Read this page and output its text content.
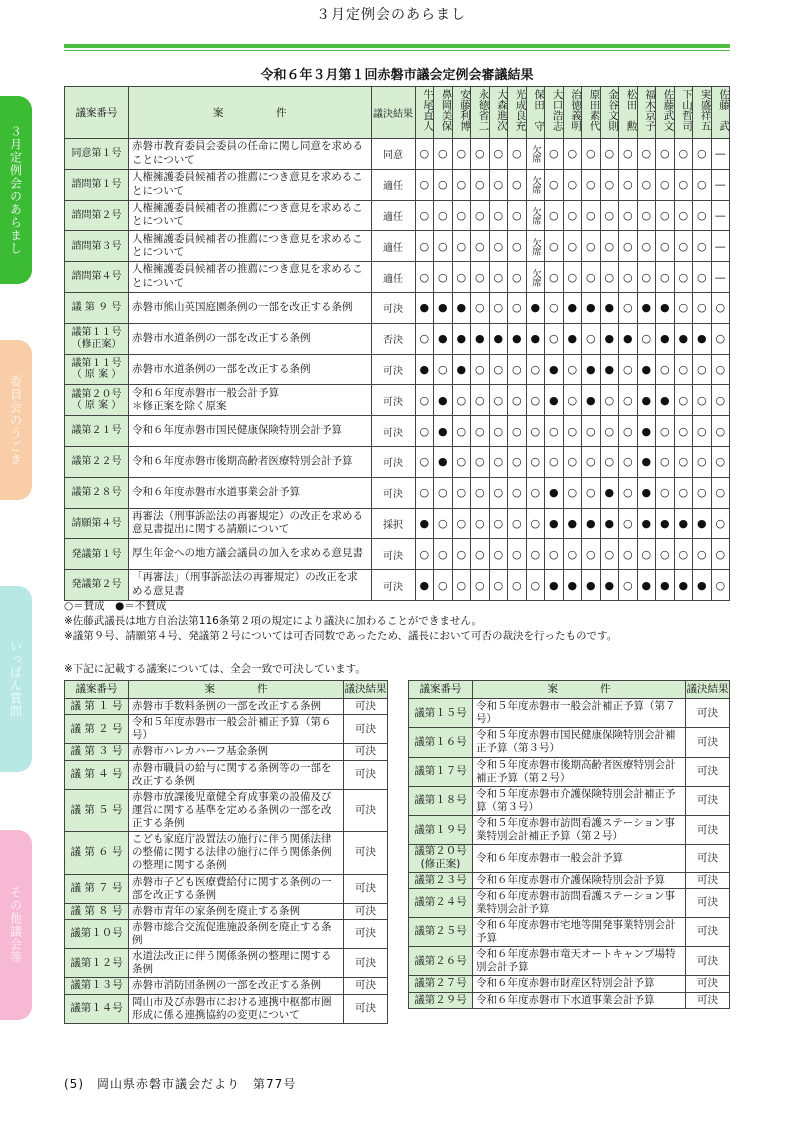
３月定例会のあらまし
３月定例会のあらまし
委員会のうごき
いっぱん質問
その他議会等
令和６年３月第１回赤磐市議会定例会審議結果
議案番号	案　　　　　件	議決結果	牛尾直人	鼻岡美保	安藤利博	永徳省二	大森進次	光成良充	保田　守	大口浩志	治徳義明	原田素代	金谷文則	松田　勲	福木京子	佐藤武文	下山哲司	実盛祥五	佐藤　武
同意第１号	赤磐市教育委員会委員の任命に関し同意を求めることについて	同意	○	○	○	○	○	○	欠席	○	○	○	○	○	○	○	○	○	—
諮問第１号	人権擁護委員候補者の推薦につき意見を求めることについて	適任	○	○	○	○	○	○	欠席	○	○	○	○	○	○	○	○	○	—
諮問第２号	人権擁護委員候補者の推薦につき意見を求めることについて	適任	○	○	○	○	○	○	欠席	○	○	○	○	○	○	○	○	○	—
諮問第３号	人権擁護委員候補者の推薦につき意見を求めることについて	適任	○	○	○	○	○	○	欠席	○	○	○	○	○	○	○	○	○	—
諮問第４号	人権擁護委員候補者の推薦につき意見を求めることについて	適任	○	○	○	○	○	○	欠席	○	○	○	○	○	○	○	○	○	—
議 第 ９ 号	赤磐市熊山英国庭園条例の一部を改正する条例	可決	●	●	●	○	○	○	●	○	●	●	●	○	●	●	○	○	○
議第１１号 （修正案）	赤磐市水道条例の一部を改正する条例	否決	○	●	●	●	●	●	●	○	●	○	●	●	○	●	●	●	○
議第１１号 （ 原 案 ）	赤磐市水道条例の一部を改正する条例	可決	●	○	●	○	○	○	○	●	○	●	●	○	●	○	○	○	○
議第２０号 （ 原 案 ）	令和６年度赤磐市一般会計予算
＊修正案を除く原案	可決	○	●	○	○	○	○	○	●	○	●	○	○	●	●	○	○	○
議第２１号	令和６年度赤磐市国民健康保険特別会計予算	可決	○	●	○	○	○	○	○	○	○	○	○	○	●	○	○	○	○
議第２２号	令和６年度赤磐市後期高齢者医療特別会計予算	可決	○	●	○	○	○	○	○	○	○	○	○	○	●	○	○	○	○
議第２８号	令和６年度赤磐市水道事業会計予算	可決	○	○	○	○	○	○	○	●	○	○	●	○	●	○	○	○	○
請願第４号	再審法（刑事訴訟法の再審規定）の改正を求める意見書提出に関する請願について	採択	●	○	○	○	○	○	○	●	●	●	●	○	●	●	●	●	○
発議第１号	厚生年金への地方議会議員の加入を求める意見書	可決	○	○	○	○	○	○	○	○	○	○	○	○	○	○	○	○	○
発議第２号	「再審法」（刑事訴訟法の再審規定）の改正を求める意見書	可決	●	○	○	○	○	○	○	●	●	●	●	○	●	●	●	●	○
○＝賛成　●＝不賛成
※佐藤武議長は地方自治法第116条第２項の規定により議決に加わることができません。
※議第９号、請願第４号、発議第２号については可否同数であったため、議長において可否の裁決を行ったものです。
※下記に記載する議案については、全会一致で可決しています。
議案番号	案　　　　件	議決結果
議 第 １ 号	赤磐市手数料条例の一部を改正する条例	可決
議 第 ２ 号	令和５年度赤磐市一般会計補正予算（第６号）	可決
議 第 ３ 号	赤磐市ハレカハーフ基金条例	可決
議 第 ４ 号	赤磐市職員の給与に関する条例等の一部を改正する条例	可決
議 第 ５ 号	赤磐市放課後児童健全育成事業の設備及び運営に関する基準を定める条例の一部を改正する条例	可決
議 第 ６ 号	こども家庭庁設置法の施行に伴う関係法律の整備に関する法律の施行に伴う関係条例の整理に関する条例	可決
議 第 ７ 号	赤磐市子ども医療費給付に関する条例の一部を改正する条例	可決
議 第 ８ 号	赤磐市青年の家条例を廃止する条例	可決
議第１０号	赤磐市総合交流促進施設条例を廃止する条例	可決
議第１２号	水道法改正に伴う関係条例の整理に関する条例	可決
議第１３号	赤磐市消防団条例の一部を改正する条例	可決
議第１４号	岡山市及び赤磐市における連携中枢都市圏形成に係る連携協約の変更について	可決
議案番号	案　　　　件	議決結果
議第１５号	令和５年度赤磐市一般会計補正予算（第７号）	可決
議第１６号	令和５年度赤磐市国民健康保険特別会計補正予算（第３号）	可決
議第１７号	令和５年度赤磐市後期高齢者医療特別会計補正予算（第２号）	可決
議第１８号	令和５年度赤磐市介護保険特別会計補正予算（第３号）	可決
議第１９号	令和５年度赤磐市訪問看護ステーション事業特別会計補正予算（第２号）	可決
議第２０号 (修正案)	令和６年度赤磐市一般会計予算	可決
議第２３号	令和６年度赤磐市介護保険特別会計予算	可決
議第２４号	令和６年度赤磐市訪問看護ステーション事業特別会計予算	可決
議第２５号	令和６年度赤磐市宅地等開発事業特別会計予算	可決
議第２６号	令和６年度赤磐市竜天オートキャンプ場特別会計予算	可決
議第２７号	令和６年度赤磐市財産区特別会計予算	可決
議第２９号	令和６年度赤磐市下水道事業会計予算	可決
(5)　岡山県赤磐市議会だより　第77号
